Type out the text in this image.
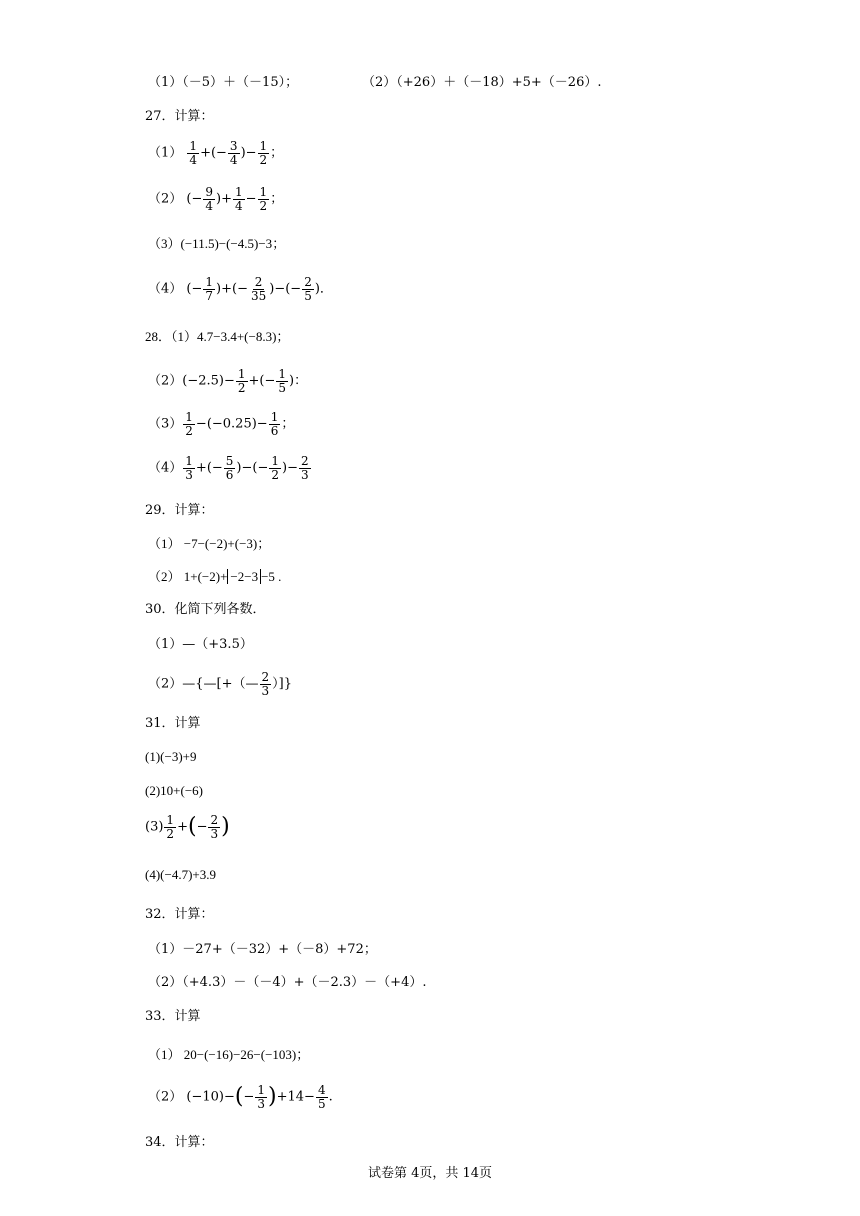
（1）（－5）＋（－15）；	（2）（+26）＋（－18）+5+（－26）.
27．计算：
$(1) \frac{1}{4}$ +(− $\frac{3}{4}$ )− $\frac{1}{2}$ ；
（2） (− $\frac{9}{4}$ )+ $\frac{1}{4} - \frac{1}{2}$ ；
（3）(−11.5)−(−4.5)−3；
（4） (− $\frac{1}{7}$ )+(− $\frac{2}{35}$ )−(− $\frac{2}{5}$ )．
28．（1）4.7−3.4+(−8.3)；
$(2)(-2.5)- \frac{1}{2}$ +(− $\frac{1}{5}$ )：
$(3) \frac{1}{2} -(-0.25)- \frac{1}{6}$ ；
$(4) \frac{1}{3}$ +(− $\frac{5}{6}$ )−(− $\frac{1}{2}$ )− $\frac{2}{3}$
29．计算：
（1） −7−(−2)+(−3)；
（2） 1+(−2)+ −2−3 −5 .
30．化简下列各数．
（1）—（+3.5）
（2）—{—[+（— $\frac{2}{3}$ ）]}
31．计算
(1)(−3)+9
(2)10+(−6)
$(3) \frac{1}{2}$ +(− $\frac{2}{3}$ )
(4)(−4.7)+3.9
32．计算：
（1）－27+（－32）+（－8）+72；
（2）（+4.3）－（－4）+（－2.3）－（+4）.
33．计算
（1） 20−(−16)−26−(−103)；
（2） $(-10)-(- \frac{1}{3} )+14- \frac{4}{5}$ .
34．计算：
试卷第 4页，共 14页
